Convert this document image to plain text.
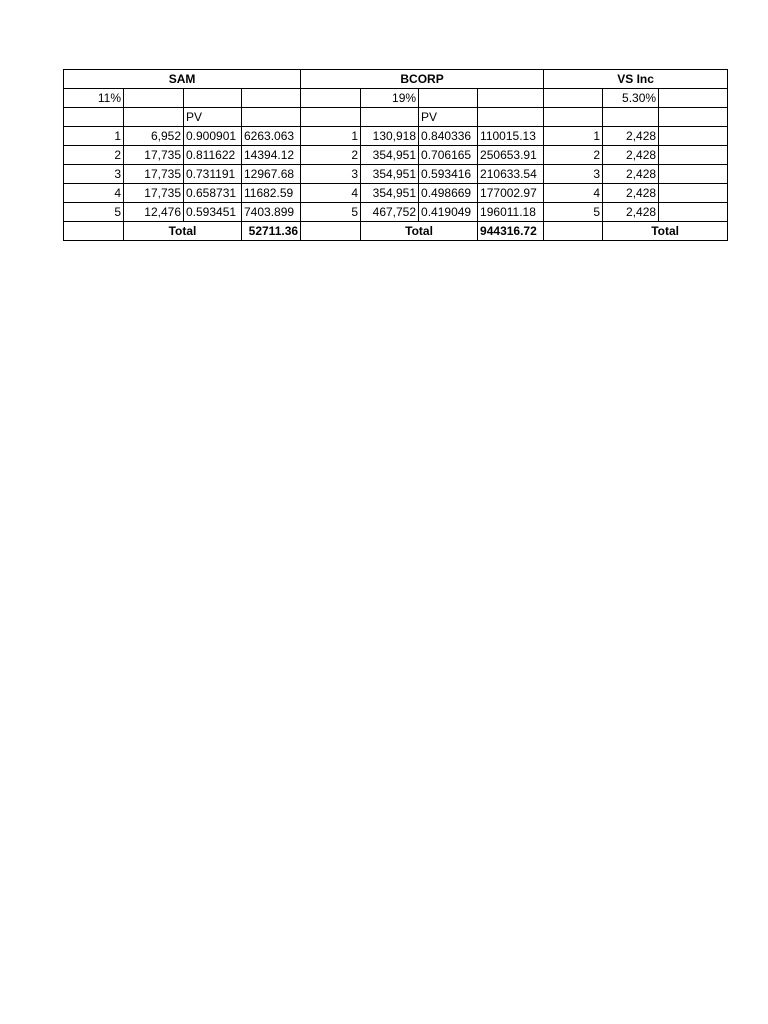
SAM				BCORP				VS Inc		
11%					19%				5.30%	
		PV				PV				
1	6,952	0.900901	6263.063	1	130,918	0.840336	110015.13	1	2,428	
2	17,735	0.811622	14394.12	2	354,951	0.706165	250653.91	2	2,428	
3	17,735	0.731191	12967.68	3	354,951	0.593416	210633.54	3	2,428	
4	17,735	0.658731	11682.59	4	354,951	0.498669	177002.97	4	2,428	
5	12,476	0.593451	7403.899	5	467,752	0.419049	196011.18	5	2,428	
	Total		52711.36		Total		944316.72		Total	
